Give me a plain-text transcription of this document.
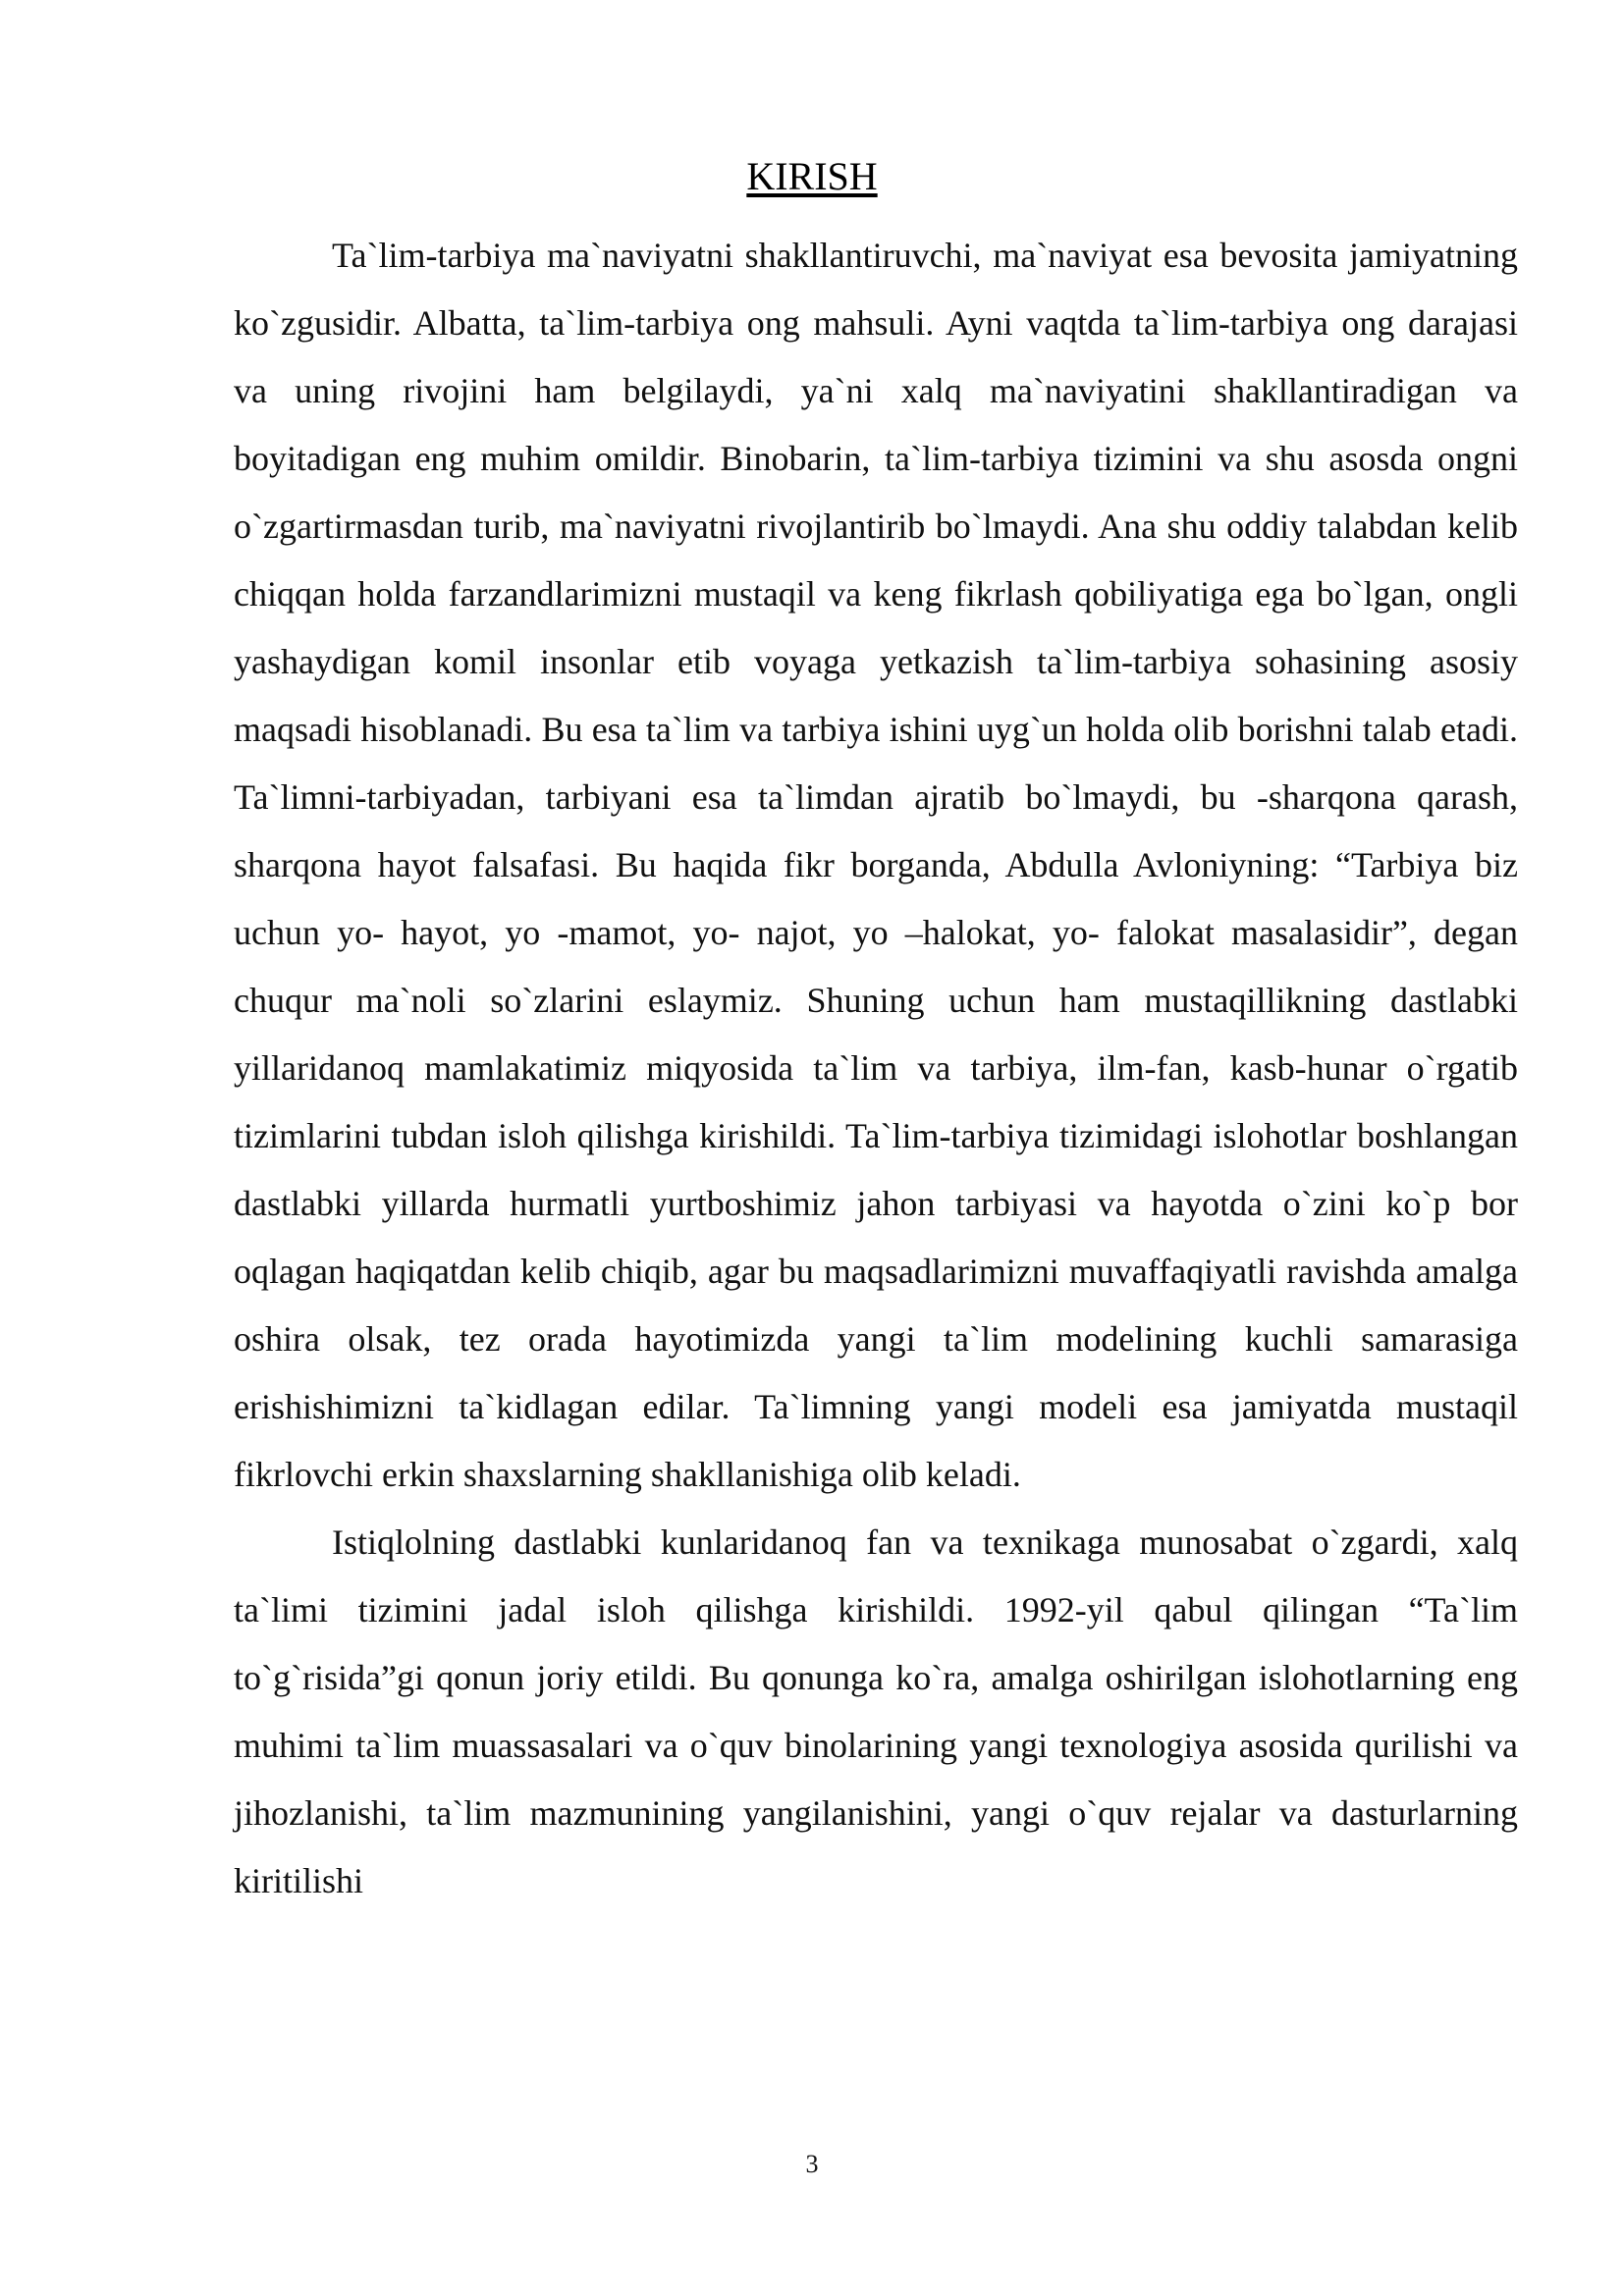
KIRISH

Ta`lim-tarbiya ma`naviyatni shakllantiruvchi, ma`naviyat esa bevosita jamiyatning ko`zgusidir. Albatta, ta`lim-tarbiya ong mahsuli. Ayni vaqtda ta`lim-tarbiya ong darajasi va uning rivojini ham belgilaydi, ya`ni xalq ma`naviyatini shakllantiradigan va boyitadigan eng muhim omildir. Binobarin, ta`lim-tarbiya tizimini va shu asosda ongni o`zgartirmasdan turib, ma`naviyatni rivojlantirib bo`lmaydi. Ana shu oddiy talabdan kelib chiqqan holda farzandlarimizni mustaqil va keng fikrlash qobiliyatiga ega bo`lgan, ongli yashaydigan komil insonlar etib voyaga yetkazish ta`lim-tarbiya sohasining asosiy maqsadi hisoblanadi. Bu esa ta`lim va tarbiya ishini uyg`un holda olib borishni talab etadi. Ta`limni-tarbiyadan, tarbiyani esa ta`limdan ajratib bo`lmaydi, bu -sharqona qarash, sharqona hayot falsafasi. Bu haqida fikr borganda, Abdulla Avloniyning: “Tarbiya biz uchun yo- hayot, yo -mamot, yo- najot, yo –halokat, yo- falokat masalasidir”, degan chuqur ma`noli so`zlarini eslaymiz. Shuning uchun ham mustaqillikning dastlabki yillaridanoq mamlakatimiz miqyosida ta`lim va tarbiya, ilm-fan, kasb-hunar o`rgatib tizimlarini tubdan isloh qilishga kirishildi. Ta`lim-tarbiya tizimidagi islohotlar boshlangan dastlabki yillarda hurmatli yurtboshimiz jahon tarbiyasi va hayotda o`zini ko`p bor oqlagan haqiqatdan kelib chiqib, agar bu maqsadlarimizni muvaffaqiyatli ravishda amalga oshira olsak, tez orada hayotimizda yangi ta`lim modelining kuchli samarasiga erishishimizni ta`kidlagan edilar. Ta`limning yangi modeli esa jamiyatda mustaqil fikrlovchi erkin shaxslarning shakllanishiga olib keladi.

Istiqlolning dastlabki kunlaridanoq fan va texnikaga munosabat o`zgardi, xalq ta`limi tizimini jadal isloh qilishga kirishildi. 1992-yil qabul qilingan “Ta`lim to`g`risida”gi qonun joriy etildi. Bu qonunga ko`ra, amalga oshirilgan islohotlarning eng muhimi ta`lim muassasalari va o`quv binolarining yangi texnologiya asosida qurilishi va jihozlanishi, ta`lim mazmunining yangilanishini, yangi o`quv rejalar va dasturlarning kiritilishi

3
